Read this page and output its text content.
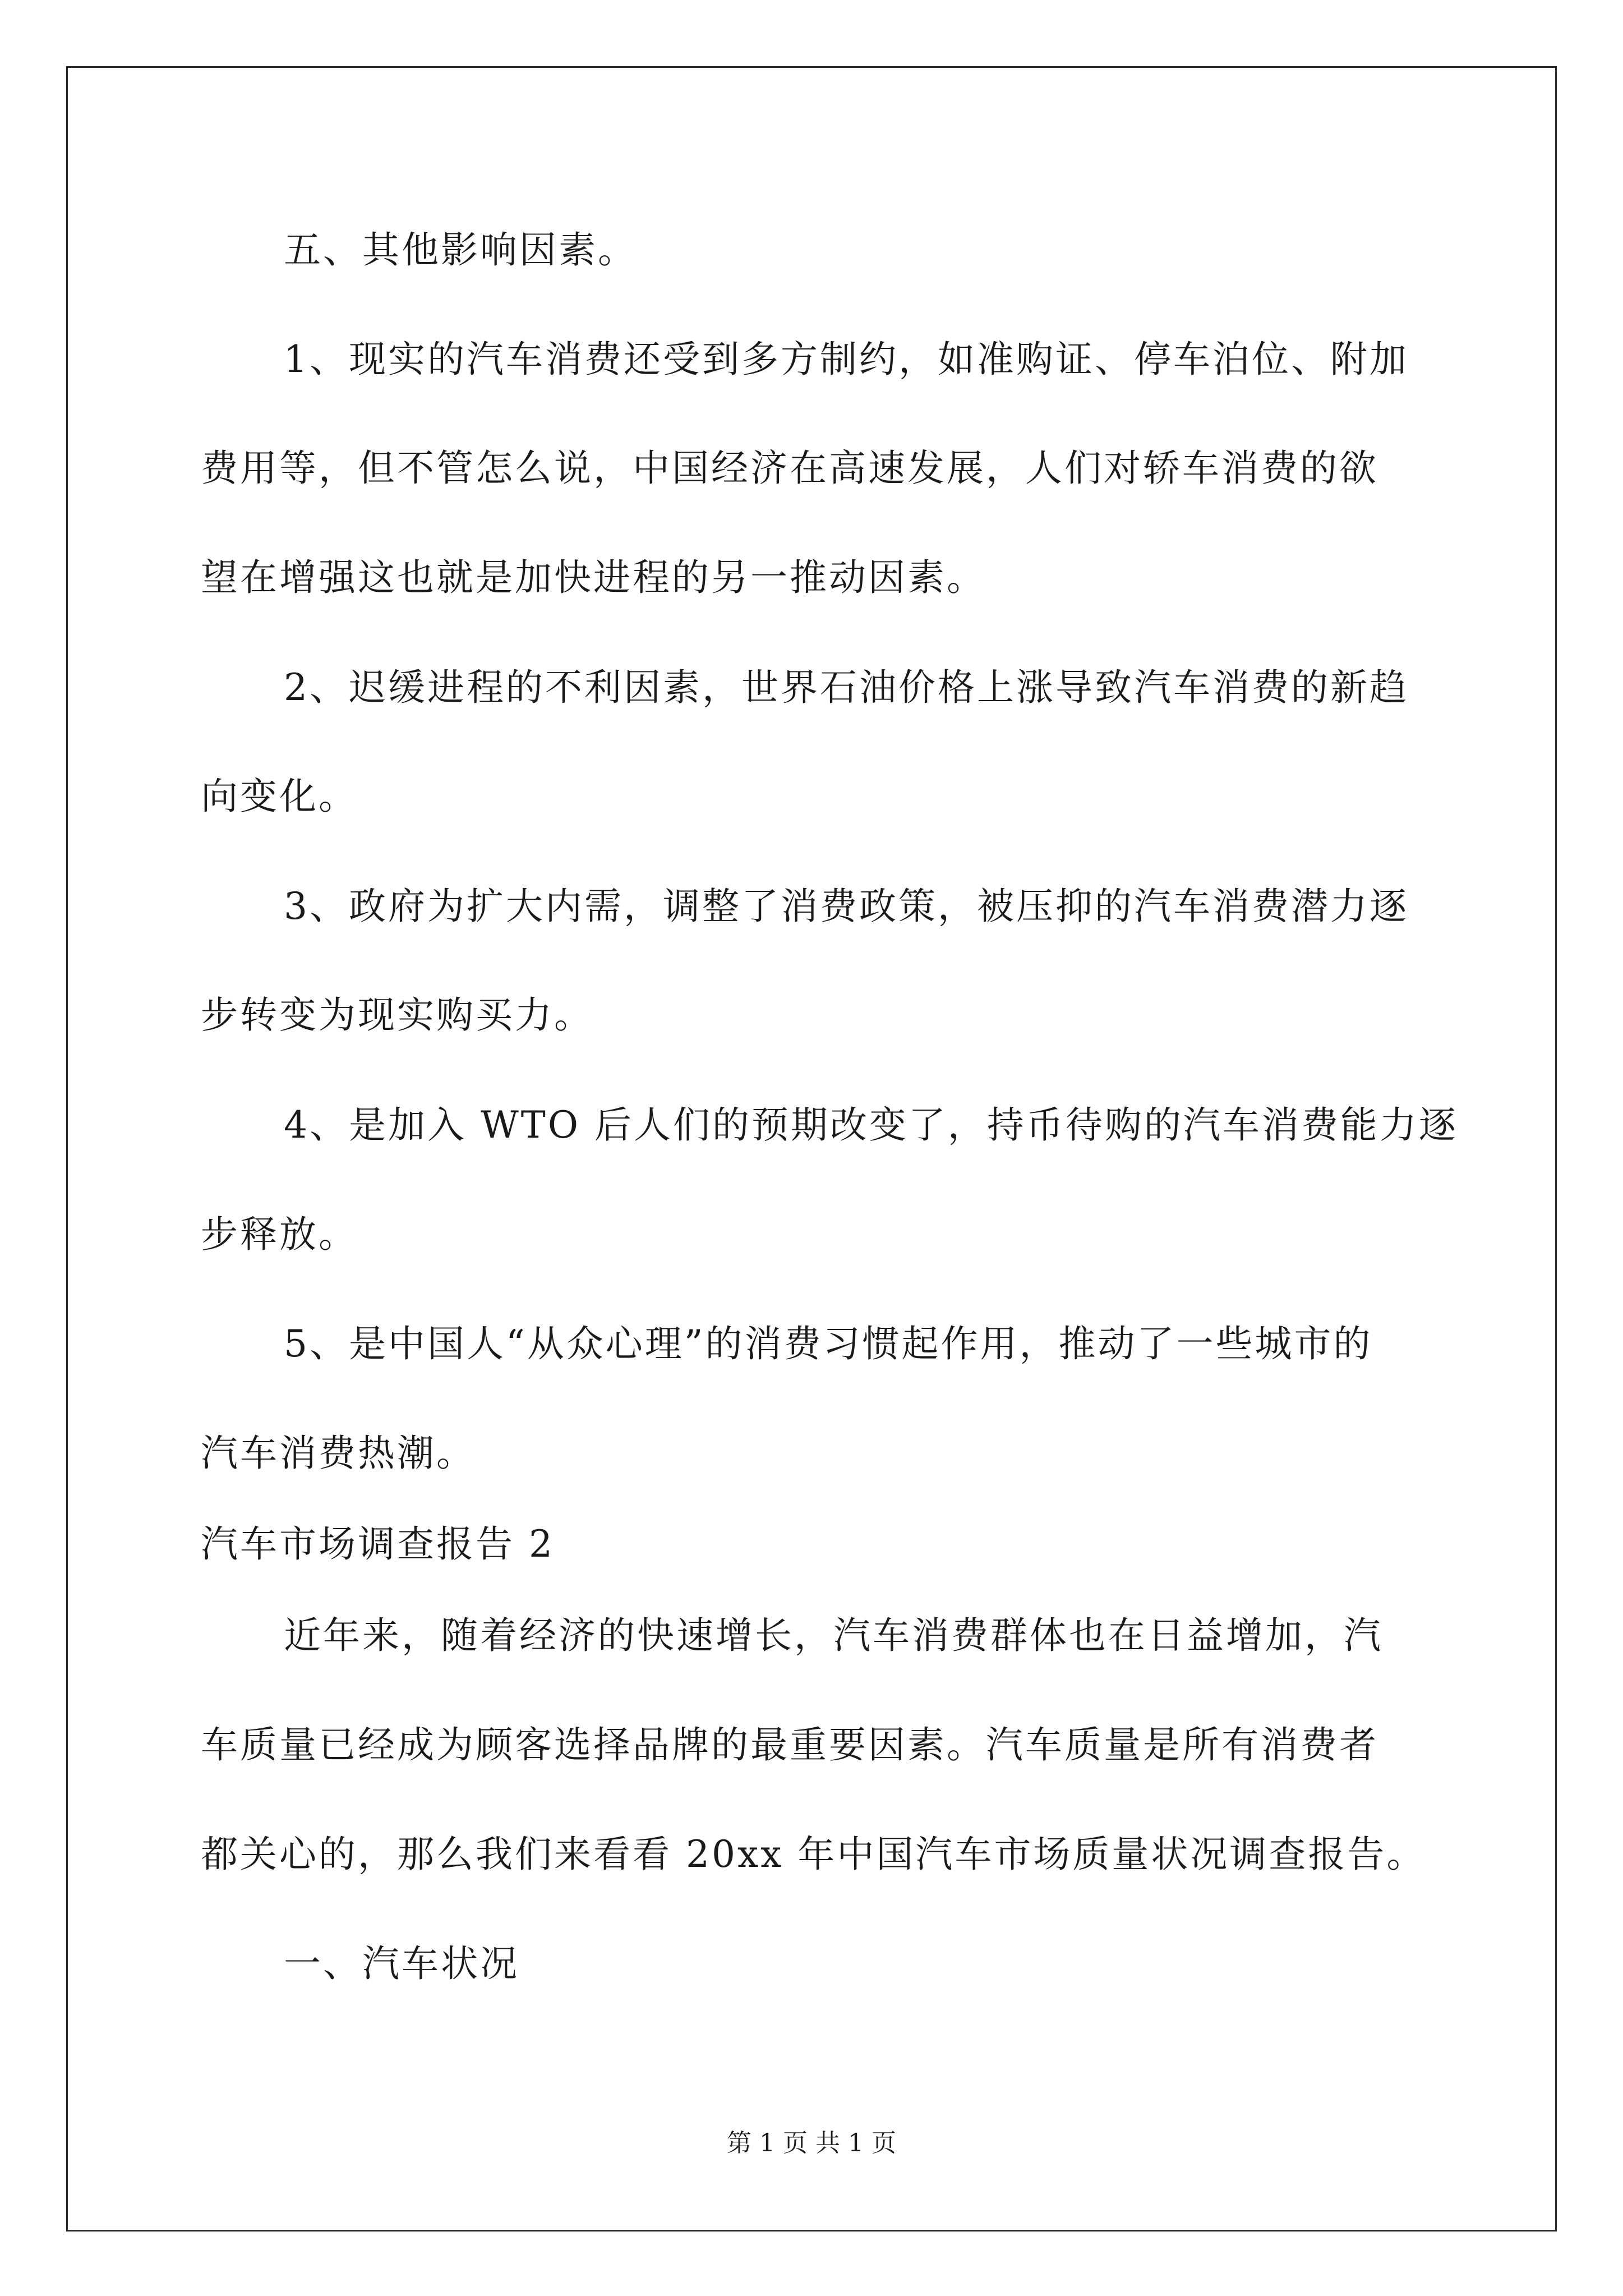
五、其他影响因素。
1、现实的汽车消费还受到多方制约，如准购证、停车泊位、附加
费用等，但不管怎么说，中国经济在高速发展，人们对轿车消费的欲
望在增强这也就是加快进程的另一推动因素。
2、迟缓进程的不利因素，世界石油价格上涨导致汽车消费的新趋
向变化。
3、政府为扩大内需，调整了消费政策，被压抑的汽车消费潜力逐
步转变为现实购买力。
4、是加入 WTO 后人们的预期改变了，持币待购的汽车消费能力逐
步释放。
5、是中国人“从众心理”的消费习惯起作用，推动了一些城市的
汽车消费热潮。
汽车市场调查报告 2
近年来，随着经济的快速增长，汽车消费群体也在日益增加，汽
车质量已经成为顾客选择品牌的最重要因素。汽车质量是所有消费者
都关心的，那么我们来看看 20xx 年中国汽车市场质量状况调查报告。
一、汽车状况
第 1 页 共 1 页
